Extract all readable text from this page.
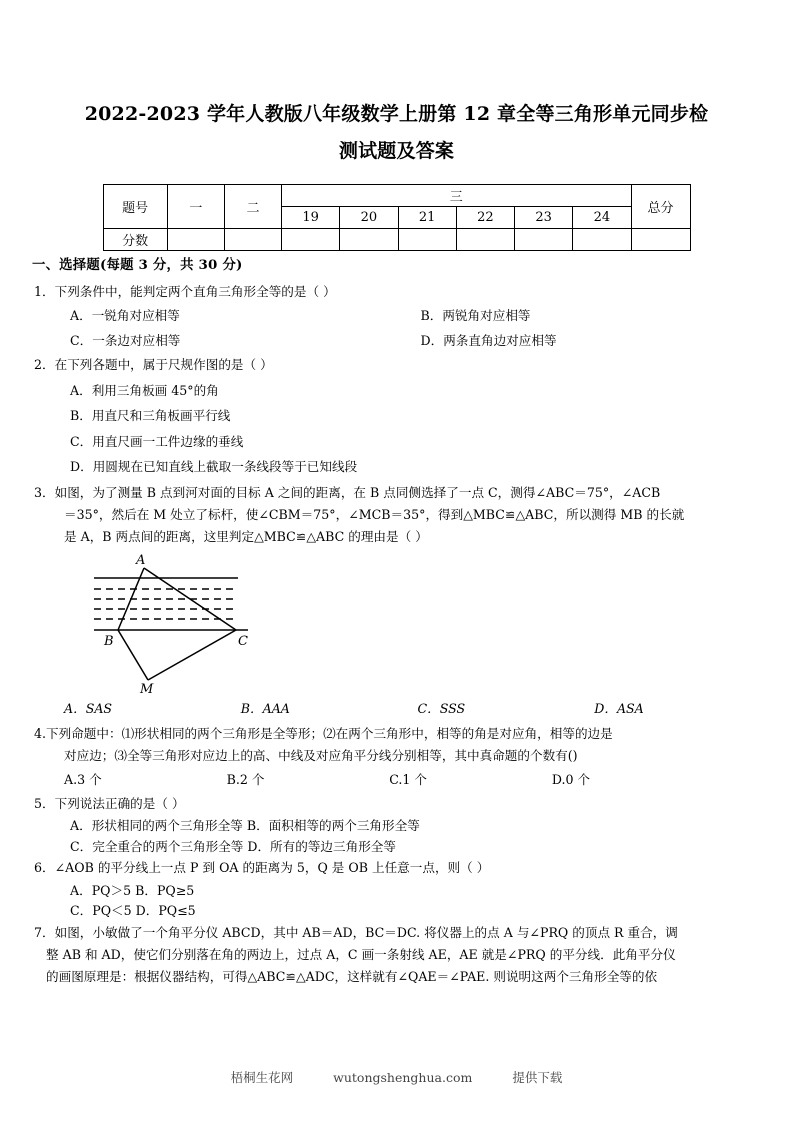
2022-2023 学年人教版八年级数学上册第 12 章全等三角形单元同步检
测试题及答案
题号	一	二	三						总分
			19	20	21	22	23	24	
分数									
一、选择题(每题 3 分，共 30 分)
1．下列条件中，能判定两个直角三角形全等的是（ ）
A．一锐角对应相等	B．两锐角对应相等
C．一条边对应相等	D．两条直角边对应相等
2．在下列各题中，属于尺规作图的是（ ）
A．利用三角板画 45°的角
B．用直尺和三角板画平行线
C．用直尺画一工件边缘的垂线
D．用圆规在已知直线上截取一条线段等于已知线段
3．如图，为了测量 B 点到河对面的目标 A 之间的距离，在 B 点同侧选择了一点 C，测得∠ABC＝75°，∠ACB
＝35°，然后在 M 处立了标杆，使∠CBM＝75°，∠MCB＝35°，得到△MBC≌△ABC，所以测得 MB 的长就
是 A，B 两点间的距离，这里判定△MBC≌△ABC 的理由是（ ）
A
B	C
M
A．SAS	B．AAA	C．SSS	D．ASA
4.下列命题中：⑴形状相同的两个三角形是全等形；⑵在两个三角形中，相等的角是对应角，相等的边是
对应边；⑶全等三角形对应边上的高、中线及对应角平分线分别相等，其中真命题的个数有()
A.3 个	B.2 个	C.1 个	D.0 个
5．下列说法正确的是（ ）
A．形状相同的两个三角形全等 B．面积相等的两个三角形全等
C．完全重合的两个三角形全等 D．所有的等边三角形全等
6．∠AOB 的平分线上一点 P 到 OA 的距离为 5，Q 是 OB 上任意一点，则（ ）
A．PQ＞5 B．PQ≥5
C．PQ＜5 D．PQ≤5
7．如图，小敏做了一个角平分仪 ABCD，其中 AB＝AD，BC＝DC. 将仪器上的点 A 与∠PRQ 的顶点 R 重合，调
整 AB 和 AD，使它们分别落在角的两边上，过点 A，C 画一条射线 AE，AE 就是∠PRQ 的平分线．此角平分仪
的画图原理是：根据仪器结构，可得△ABC≌△ADC，这样就有∠QAE＝∠PAE. 则说明这两个三角形全等的依
梧桐生花网	wutongshenghua.com	提供下载
